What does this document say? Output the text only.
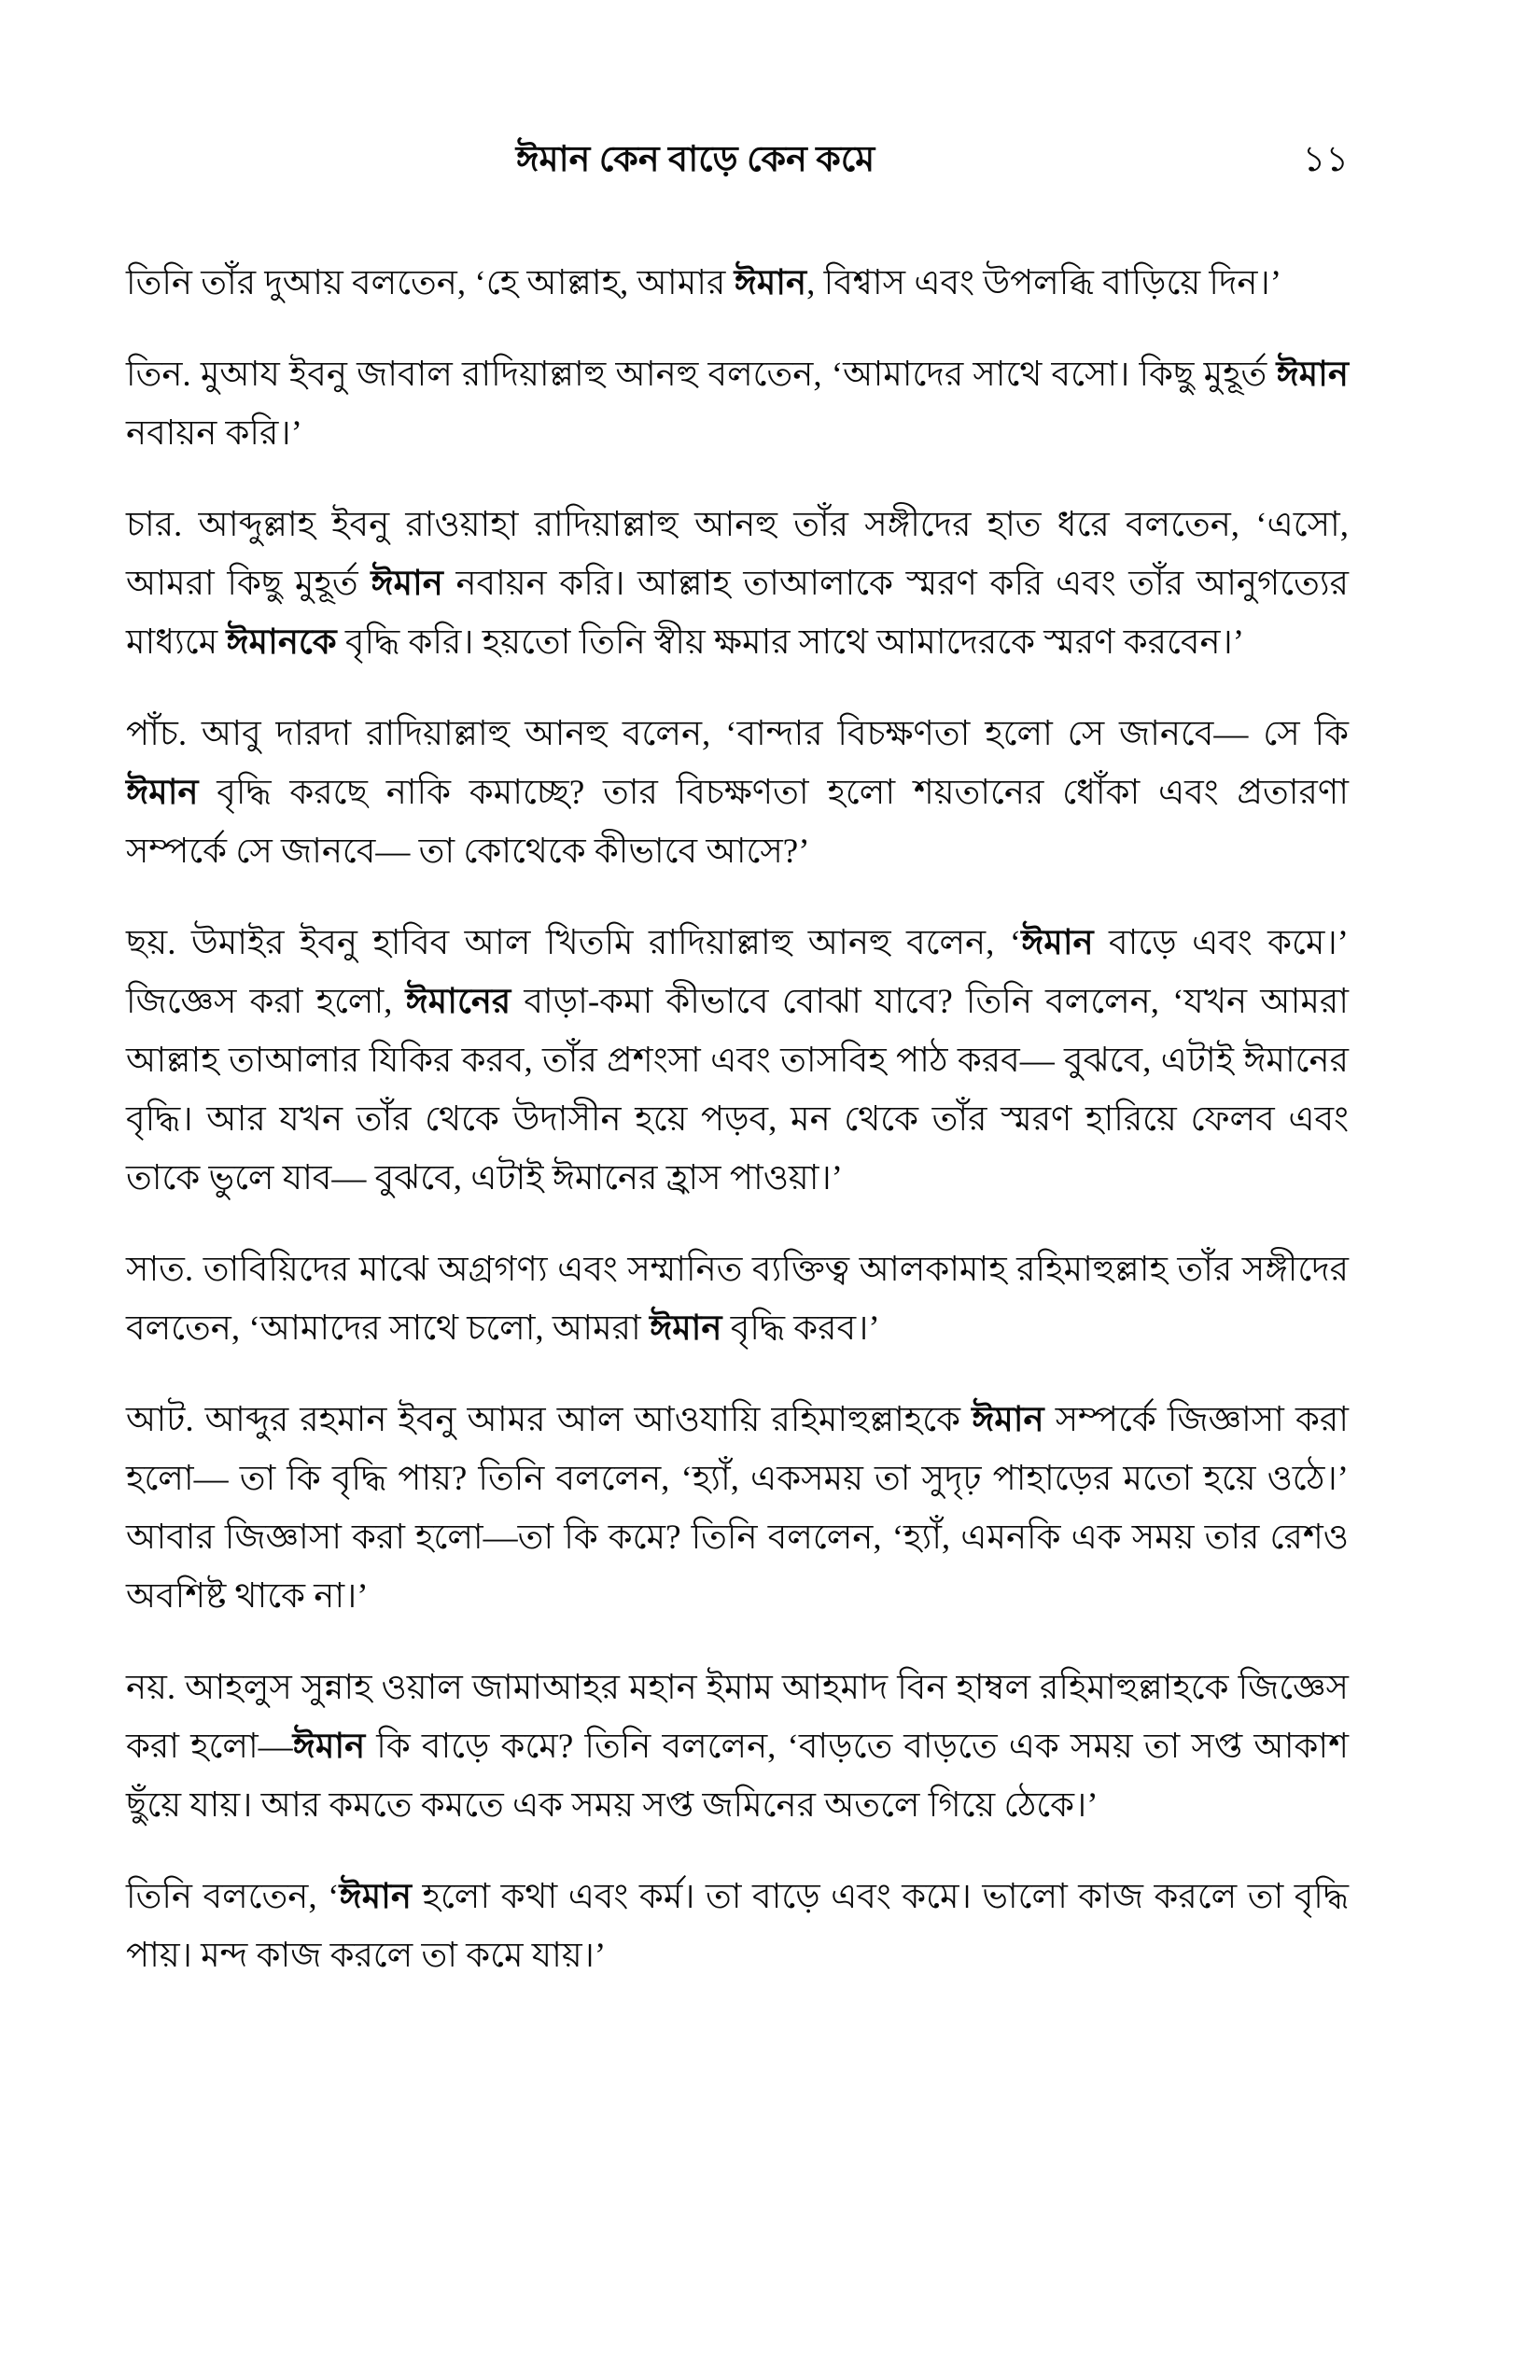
ঈমান কেন বাড়ে কেন কমে	১১

তিনি তাঁর দুআয় বলতেন, ‘হে আল্লাহ, আমার ঈমান, বিশ্বাস এবং উপলব্ধি বাড়িয়ে দিন।’

তিন. মুআয ইবনু জাবাল রাদিয়াল্লাহু আনহু বলতেন, ‘আমাদের সাথে বসো। কিছু মুহূর্ত ঈমান নবায়ন করি।’

চার. আব্দুল্লাহ ইবনু রাওয়াহা রাদিয়াল্লাহু আনহু তাঁর সঙ্গীদের হাত ধরে বলতেন, ‘এসো, আমরা কিছু মুহূর্ত ঈমান নবায়ন করি। আল্লাহ তাআলাকে স্মরণ করি এবং তাঁর আনুগত্যের মাধ্যমে ঈমানকে বৃদ্ধি করি। হয়তো তিনি স্বীয় ক্ষমার সাথে আমাদেরকে স্মরণ করবেন।’

পাঁচ. আবু দারদা রাদিয়াল্লাহু আনহু বলেন, ‘বান্দার বিচক্ষণতা হলো সে জানবে— সে কি ঈমান বৃদ্ধি করছে নাকি কমাচ্ছে? তার বিচক্ষণতা হলো শয়তানের ধোঁকা এবং প্রতারণা সম্পর্কে সে জানবে— তা কোথেকে কীভাবে আসে?’

ছয়. উমাইর ইবনু হাবিব আল খিতমি রাদিয়াল্লাহু আনহু বলেন, ‘ঈমান বাড়ে এবং কমে।’ জিজ্ঞেস করা হলো, ঈমানের বাড়া-কমা কীভাবে বোঝা যাবে? তিনি বললেন, ‘যখন আমরা আল্লাহ তাআলার যিকির করব, তাঁর প্রশংসা এবং তাসবিহ পাঠ করব— বুঝবে, এটাই ঈমানের বৃদ্ধি। আর যখন তাঁর থেকে উদাসীন হয়ে পড়ব, মন থেকে তাঁর স্মরণ হারিয়ে ফেলব এবং তাকে ভুলে যাব— বুঝবে, এটাই ঈমানের হ্রাস পাওয়া।’

সাত. তাবিয়িদের মাঝে অগ্রগণ্য এবং সম্মানিত ব্যক্তিত্ব আলকামাহ রহিমাহুল্লাহ তাঁর সঙ্গীদের বলতেন, ‘আমাদের সাথে চলো, আমরা ঈমান বৃদ্ধি করব।’

আট. আব্দুর রহমান ইবনু আমর আল আওযায়ি রহিমাহুল্লাহকে ঈমান সম্পর্কে জিজ্ঞাসা করা হলো— তা কি বৃদ্ধি পায়? তিনি বললেন, ‘হ্যাঁ, একসময় তা সুদৃঢ় পাহাড়ের মতো হয়ে ওঠে।’ আবার জিজ্ঞাসা করা হলো—তা কি কমে? তিনি বললেন, ‘হ্যাঁ, এমনকি এক সময় তার রেশও অবশিষ্ট থাকে না।’

নয়. আহলুস সুন্নাহ ওয়াল জামাআহর মহান ইমাম আহমাদ বিন হাম্বল রহিমাহুল্লাহকে জিজ্ঞেস করা হলো—ঈমান কি বাড়ে কমে? তিনি বললেন, ‘বাড়তে বাড়তে এক সময় তা সপ্ত আকাশ ছুঁয়ে যায়। আর কমতে কমতে এক সময় সপ্ত জমিনের অতলে গিয়ে ঠেকে।’

তিনি বলতেন, ‘ঈমান হলো কথা এবং কর্ম। তা বাড়ে এবং কমে। ভালো কাজ করলে তা বৃদ্ধি পায়। মন্দ কাজ করলে তা কমে যায়।’
